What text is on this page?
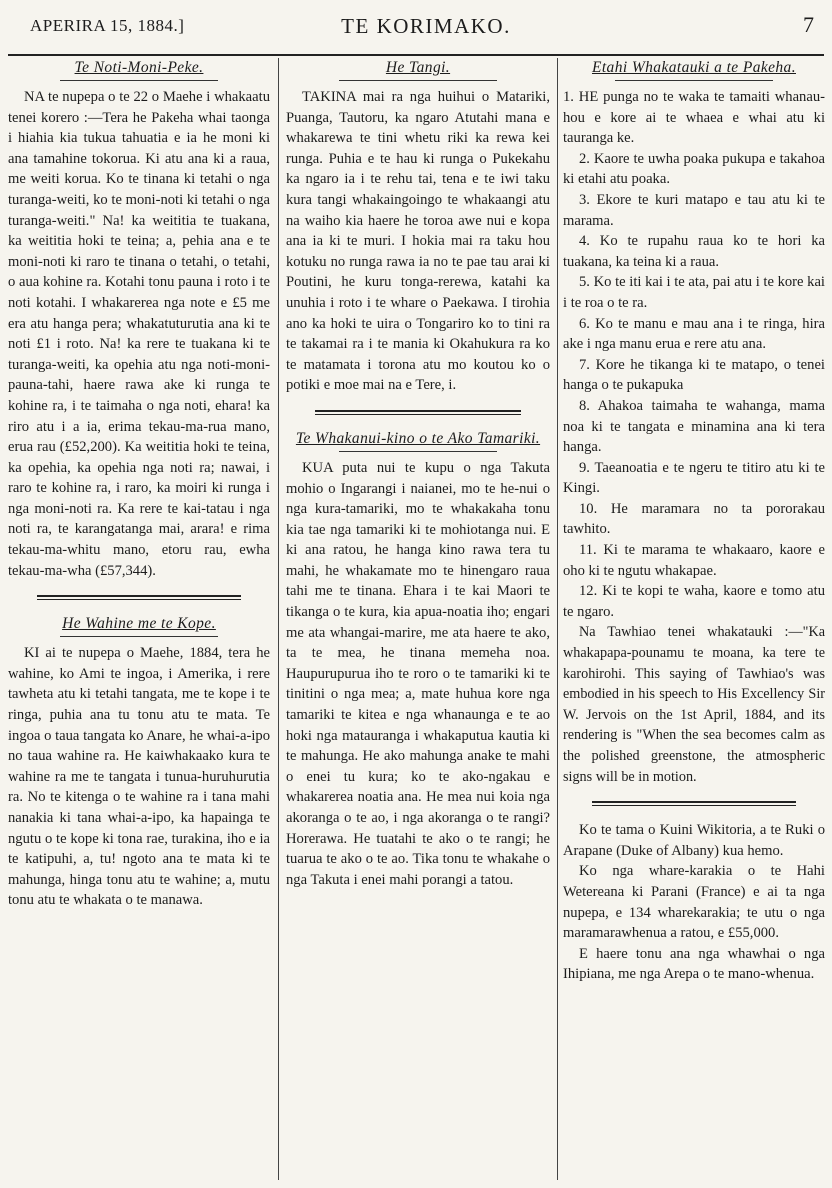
APERIRA 15, 1884.]	TE KORIMAKO.	7
Te Noti-Moni-Peke.

NA te nupepa o te 22 o Maehe i whakaatu tenei korero :—Tera he Pakeha whai taonga i hiahia kia tukua tahuatia e ia he moni ki ana tamahine tokorua. Ki atu ana ki a raua, me weiti korua. Ko te tinana ki tetahi o nga turanga-weiti, ko te moni-noti ki tetahi o nga turanga-weiti." Na! ka weititia te tuakana, ka weititia hoki te teina; a, pehia ana e te moni-noti ki raro te tinana o tetahi, o tetahi, o aua kohine ra. Kotahi tonu pauna i roto i te noti kotahi. I whakarerea nga note e £5 me era atu hanga pera; whakatuturutia ana ki te noti £1 i roto. Na! ka rere te tuakana ki te turanga-weiti, ka opehia atu nga noti-moni-pauna-tahi, haere rawa ake ki runga te kohine ra, i te taimaha o nga noti, ehara! ka riro atu i a ia, erima tekau-ma-rua mano, erua rau (£52,200). Ka weititia hoki te teina, ka opehia, ka opehia nga noti ra; nawai, i raro te kohine ra, i raro, ka moiri ki runga i nga moni-noti ra. Ka rere te kai-tatau i nga noti ra, te karangatanga mai, arara! e rima tekau-ma-whitu mano, etoru rau, ewha tekau-ma-wha (£57,344).

He Wahine me te Kope.

KI ai te nupepa o Maehe, 1884, tera he wahine, ko Ami te ingoa, i Amerika, i rere tawheta atu ki tetahi tangata, me te kope i te ringa, puhia ana tu tonu atu te mata. Te ingoa o taua tangata ko Anare, he whai-a-ipo no taua wahine ra. He kaiwhakaako kura te wahine ra me te tangata i tunua-huruhurutia ra. No te kitenga o te wahine ra i tana mahi nanakia ki tana whai-a-ipo, ka hapainga te ngutu o te kope ki tona rae, turakina, iho e ia te katipuhi, a, tu! ngoto ana te mata ki te mahunga, hinga tonu atu te wahine; a, mutu tonu atu te whakata o te manawa.

He Tangi.

TAKINA mai ra nga huihui o Matariki, Puanga, Tautoru, ka ngaro Atutahi mana e whakarewa te tini whetu riki ka rewa kei runga. Puhia e te hau ki runga o Pukekahu ka ngaro ia i te rehu tai, tena e te iwi taku kura tangi whakaingoingo te whakaangi atu na waiho kia haere he toroa awe nui e kopa ana ia ki te muri. I hokia mai ra taku hou kotuku no runga rawa ia no te pae tau arai ki Poutini, he kuru tonga-rerewa, katahi ka unuhia i roto i te whare o Paekawa. I tirohia ano ka hoki te uira o Tongariro ko to tini ra te takamai ra i te mania ki Okahukura ra ko te matamata i torona atu mo koutou ko o potiki e moe mai na e Tere, i.

Te Whakanui-kino o te Ako Tamariki.

KUA puta nui te kupu o nga Takuta mohio o Ingarangi i naianei, mo te he-nui o nga kura-tamariki, mo te whakakaha tonu kia tae nga tamariki ki te mohiotanga nui. E ki ana ratou, he hanga kino rawa tera tu mahi, he whakamate mo te hinengaro raua tahi me te tinana. Ehara i te kai Maori te tikanga o te kura, kia apua-noatia iho; engari me ata whangai-marire, me ata haere te ako, ta te mea, he tinana memeha noa. Haupurupurua iho te roro o te tamariki ki te tinitini o nga mea; a, mate huhua kore nga tamariki te kitea e nga whanaunga e te ao hoki nga matauranga i whakaputua kautia ki te mahunga. He ako mahunga anake te mahi o enei tu kura; ko te ako-ngakau e whakarerea noatia ana. He mea nui koia nga akoranga o te ao, i nga akoranga o te rangi? Horerawa. He tuatahi te ako o te rangi; he tuarua te ako o te ao. Tika tonu te whakahe o nga Takuta i enei mahi porangi a tatou.

Etahi Whakatauki a te Pakeha.

1. HE punga no te waka te tamaiti whanau-hou e kore ai te whaea e whai atu ki tauranga ke.

2. Kaore te uwha poaka pukupa e takahoa ki etahi atu poaka.

3. Ekore te kuri matapo e tau atu ki te marama.

4. Ko te rupahu raua ko te hori ka tuakana, ka teina ki a raua.

5. Ko te iti kai i te ata, pai atu i te kore kai i te roa o te ra.

6. Ko te manu e mau ana i te ringa, hira ake i nga manu erua e rere atu ana.

7. Kore he tikanga ki te matapo, o tenei hanga o te pukapuka

8. Ahakoa taimaha te wahanga, mama noa ki te tangata e minamina ana ki tera hanga.

9. Taeanoatia e te ngeru te titiro atu ki te Kingi.

10. He maramara no ta pororakau tawhito.

11. Ki te marama te whakaaro, kaore e oho ki te ngutu whakapae.

12. Ki te kopi te waha, kaore e tomo atu te ngaro.

Na Tawhiao tenei whakatauki :—"Ka whakapapa-pounamu te moana, ka tere te karohirohi. This saying of Tawhiao's was embodied in his speech to His Excellency Sir W. Jervois on the 1st April, 1884, and its rendering is "When the sea becomes calm as the polished greenstone, the atmospheric signs will be in motion.

Ko te tama o Kuini Wikitoria, a te Ruki o Arapane (Duke of Albany) kua hemo.

Ko nga whare-karakia o te Hahi Wetereana ki Parani (France) e ai ta nga nupepa, e 134 wharekarakia; te utu o nga maramarawhenua a ratou, e £55,000.

E haere tonu ana nga whawhai o nga Ihipiana, me nga Arepa o te mano-whenua.
